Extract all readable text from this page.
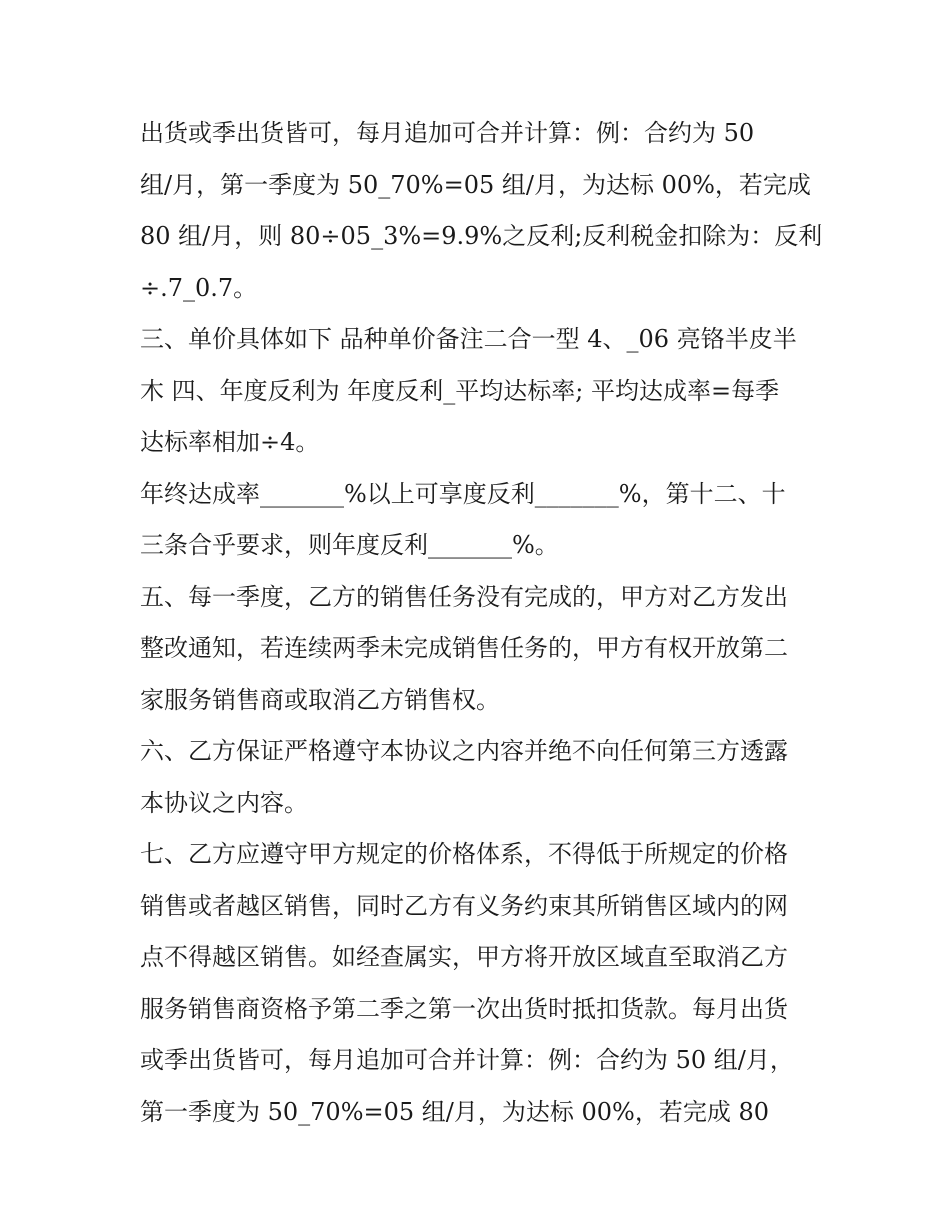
出货或季出货皆可，每月追加可合并计算：例：合约为 50

组/月，第一季度为 50_70%=05 组/月，为达标 00%，若完成

80 组/月，则 80÷05_3%=9.9%之反利;反利税金扣除为：反利

÷.7_0.7。

三、单价具体如下 品种单价备注二合一型 4、_06 亮铬半皮半

木 四、年度反利为 年度反利_平均达标率; 平均达成率=每季

达标率相加÷4。

年终达成率_______%以上可享度反利_______%，第十二、十

三条合乎要求，则年度反利_______%。

五、每一季度，乙方的销售任务没有完成的，甲方对乙方发出

整改通知，若连续两季未完成销售任务的，甲方有权开放第二

家服务销售商或取消乙方销售权。

六、乙方保证严格遵守本协议之内容并绝不向任何第三方透露

本协议之内容。

七、乙方应遵守甲方规定的价格体系，不得低于所规定的价格

销售或者越区销售，同时乙方有义务约束其所销售区域内的网

点不得越区销售。如经查属实，甲方将开放区域直至取消乙方

服务销售商资格予第二季之第一次出货时抵扣货款。每月出货

或季出货皆可，每月追加可合并计算：例：合约为 50 组/月，

第一季度为 50_70%=05 组/月，为达标 00%，若完成 80
